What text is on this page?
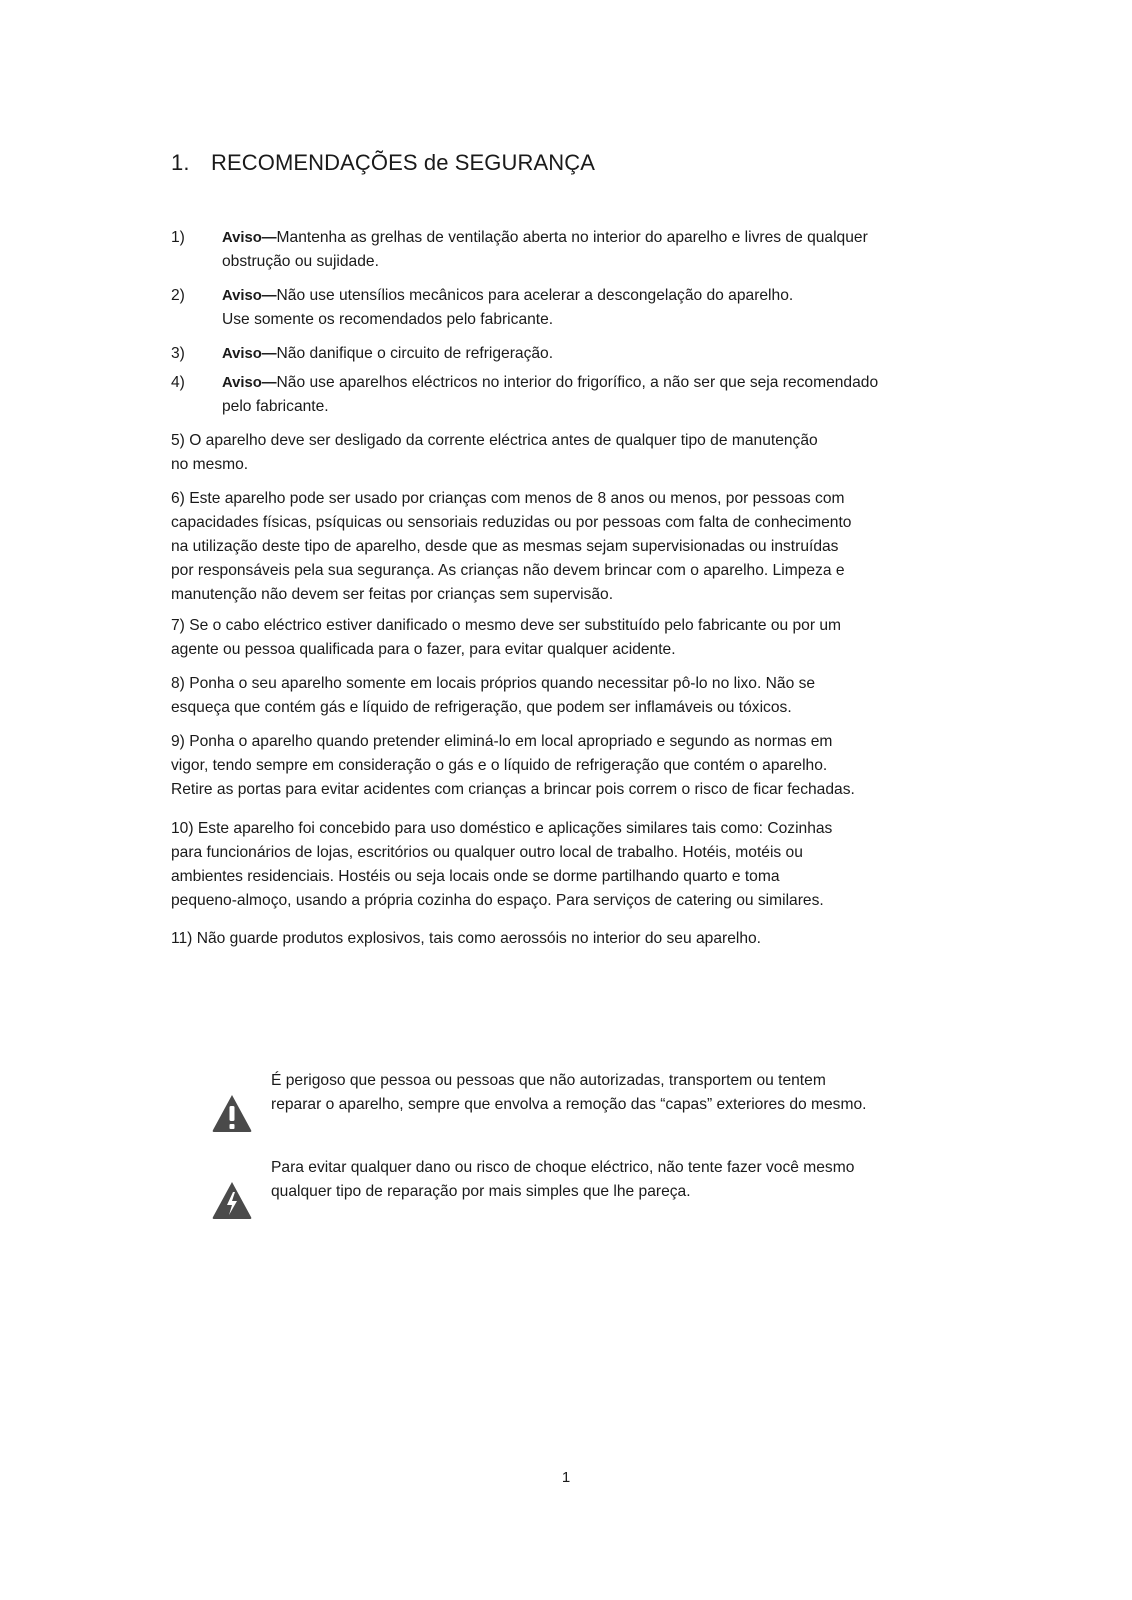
1. RECOMENDAÇÕES de SEGURANÇA
1)	Aviso—Mantenha as grelhas de ventilação aberta no interior do aparelho e livres de qualquer
obstrução ou sujidade.
2)	Aviso—Não use utensílios mecânicos para acelerar a descongelação do aparelho.
Use somente os recomendados pelo fabricante.
3)	Aviso—Não danifique o circuito de refrigeração.
4)	Aviso—Não use aparelhos eléctricos no interior do frigorífico, a não ser que seja recomendado
pelo fabricante.
5) O aparelho deve ser desligado da corrente eléctrica antes de qualquer tipo de manutenção
no mesmo.
6) Este aparelho pode ser usado por crianças com menos de 8 anos ou menos, por pessoas com
capacidades físicas, psíquicas ou sensoriais reduzidas ou por pessoas com falta de conhecimento
na utilização deste tipo de aparelho, desde que as mesmas sejam supervisionadas ou instruídas
por responsáveis pela sua segurança. As crianças não devem brincar com o aparelho. Limpeza e
manutenção não devem ser feitas por crianças sem supervisão.
7) Se o cabo eléctrico estiver danificado o mesmo deve ser substituído pelo fabricante ou por um
agente ou pessoa qualificada para o fazer, para evitar qualquer acidente.
8) Ponha o seu aparelho somente em locais próprios quando necessitar pô-lo no lixo. Não se
esqueça que contém gás e líquido de refrigeração, que podem ser inflamáveis ou tóxicos.
9) Ponha o aparelho quando pretender eliminá-lo em local apropriado e segundo as normas em
vigor, tendo sempre em consideração o gás e o líquido de refrigeração que contém o aparelho.
Retire as portas para evitar acidentes com crianças a brincar pois correm o risco de ficar fechadas.
10) Este aparelho foi concebido para uso doméstico e aplicações similares tais como: Cozinhas
para funcionários de lojas, escritórios ou qualquer outro local de trabalho. Hotéis, motéis ou
ambientes residenciais. Hostéis ou seja locais onde se dorme partilhando quarto e toma
pequeno-almoço, usando a própria cozinha do espaço. Para serviços de catering ou similares.
11) Não guarde produtos explosivos, tais como aerossóis no interior do seu aparelho.
É perigoso que pessoa ou pessoas que não autorizadas, transportem ou tentem
reparar o aparelho, sempre que envolva a remoção das “capas” exteriores do mesmo.
Para evitar qualquer dano ou risco de choque eléctrico, não tente fazer você mesmo
qualquer tipo de reparação por mais simples que lhe pareça.
1
